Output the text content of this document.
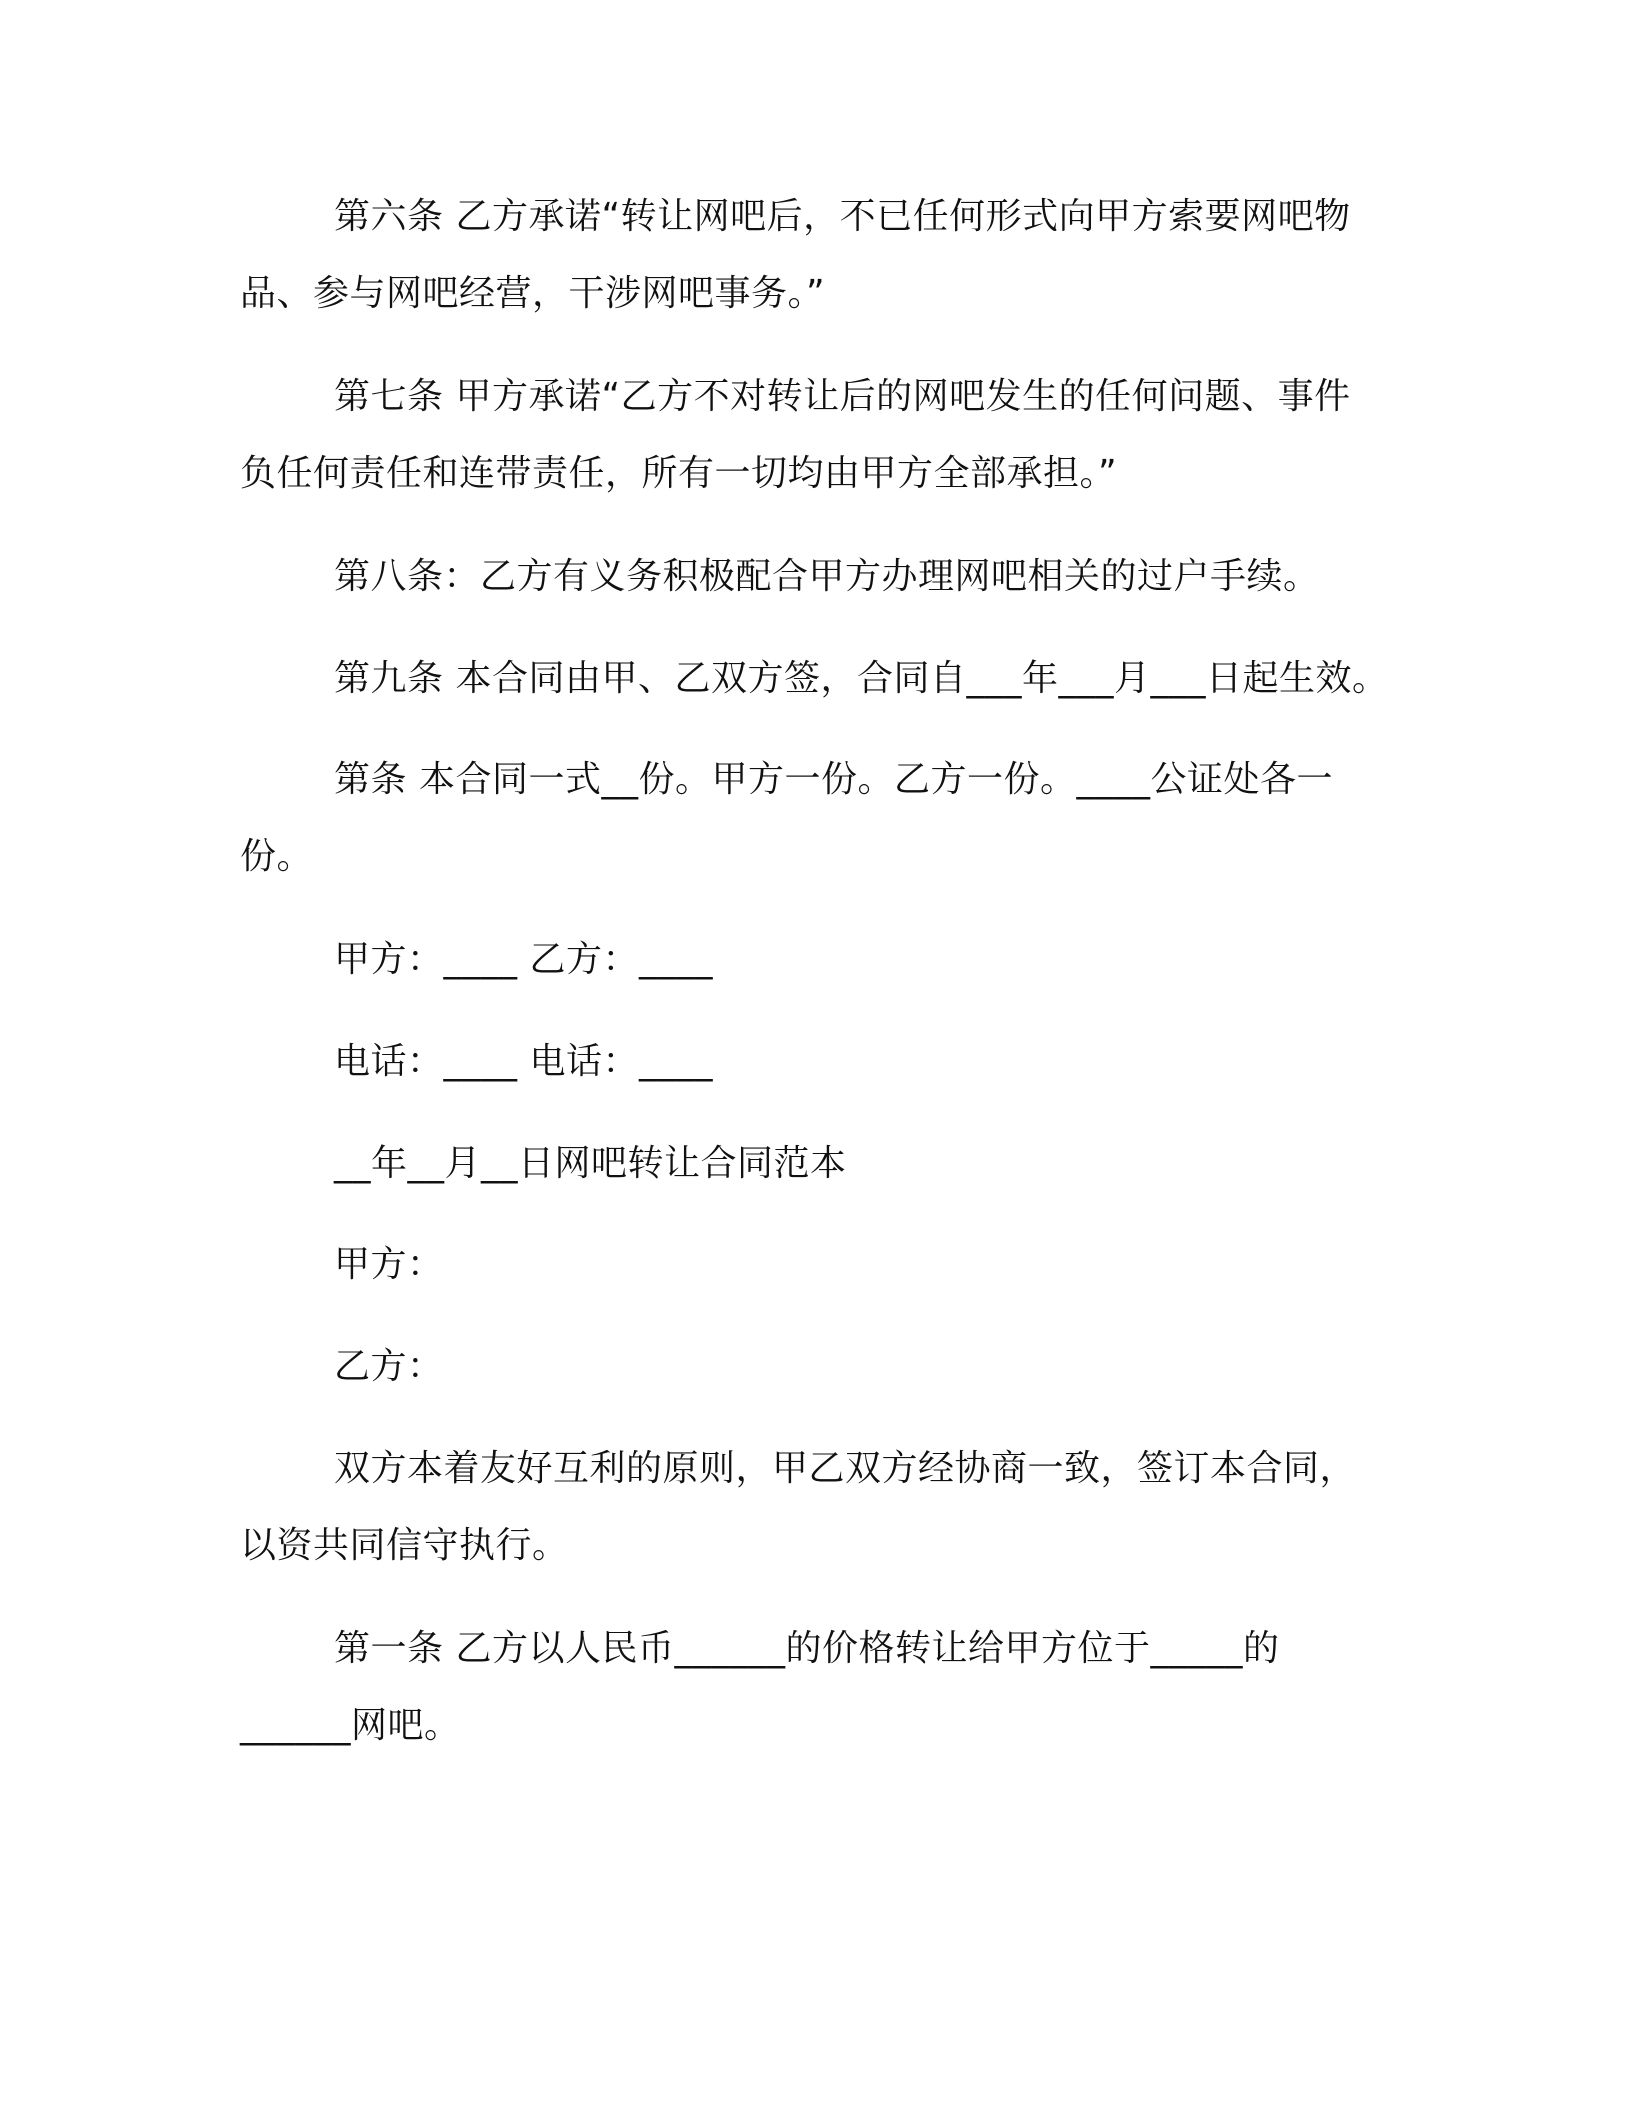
第六条 乙方承诺“转让网吧后，不已任何形式向甲方索要网吧物
品、参与网吧经营，干涉网吧事务。”
第七条 甲方承诺“乙方不对转让后的网吧发生的任何问题、事件
负任何责任和连带责任，所有一切均由甲方全部承担。”
第八条：乙方有义务积极配合甲方办理网吧相关的过户手续。
第九条 本合同由甲、乙双方签，合同自___年___月___日起生效。
第条 本合同一式__份。甲方一份。乙方一份。____公证处各一
份。
甲方：____ 乙方：____
电话：____ 电话：____
__年__月__日网吧转让合同范本
甲方：
乙方：
双方本着友好互利的原则，甲乙双方经协商一致，签订本合同，
以资共同信守执行。
第一条 乙方以人民币______的价格转让给甲方位于_____的
______网吧。
